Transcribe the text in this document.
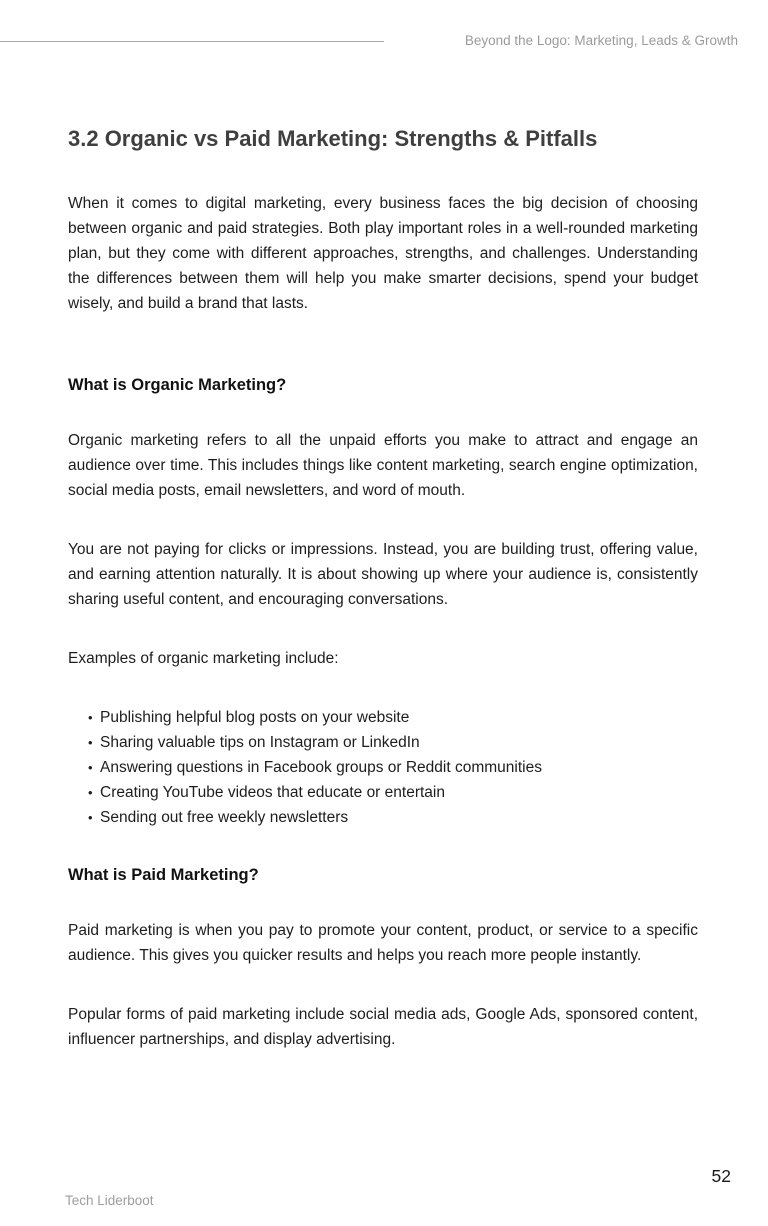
Beyond the Logo: Marketing, Leads & Growth
3.2 Organic vs Paid Marketing: Strengths & Pitfalls

When it comes to digital marketing, every business faces the big decision of choosing between organic and paid strategies. Both play important roles in a well-rounded marketing plan, but they come with different approaches, strengths, and challenges. Understanding the differences between them will help you make smarter decisions, spend your budget wisely, and build a brand that lasts.

What is Organic Marketing?

Organic marketing refers to all the unpaid efforts you make to attract and engage an audience over time. This includes things like content marketing, search engine optimization, social media posts, email newsletters, and word of mouth.

You are not paying for clicks or impressions. Instead, you are building trust, offering value, and earning attention naturally. It is about showing up where your audience is, consistently sharing useful content, and encouraging conversations.

Examples of organic marketing include:

• Publishing helpful blog posts on your website
• Sharing valuable tips on Instagram or LinkedIn
• Answering questions in Facebook groups or Reddit communities
• Creating YouTube videos that educate or entertain
• Sending out free weekly newsletters
What is Paid Marketing?

Paid marketing is when you pay to promote your content, product, or service to a specific audience. This gives you quicker results and helps you reach more people instantly.

Popular forms of paid marketing include social media ads, Google Ads, sponsored content, influencer partnerships, and display advertising.

52
Tech Liderboot
